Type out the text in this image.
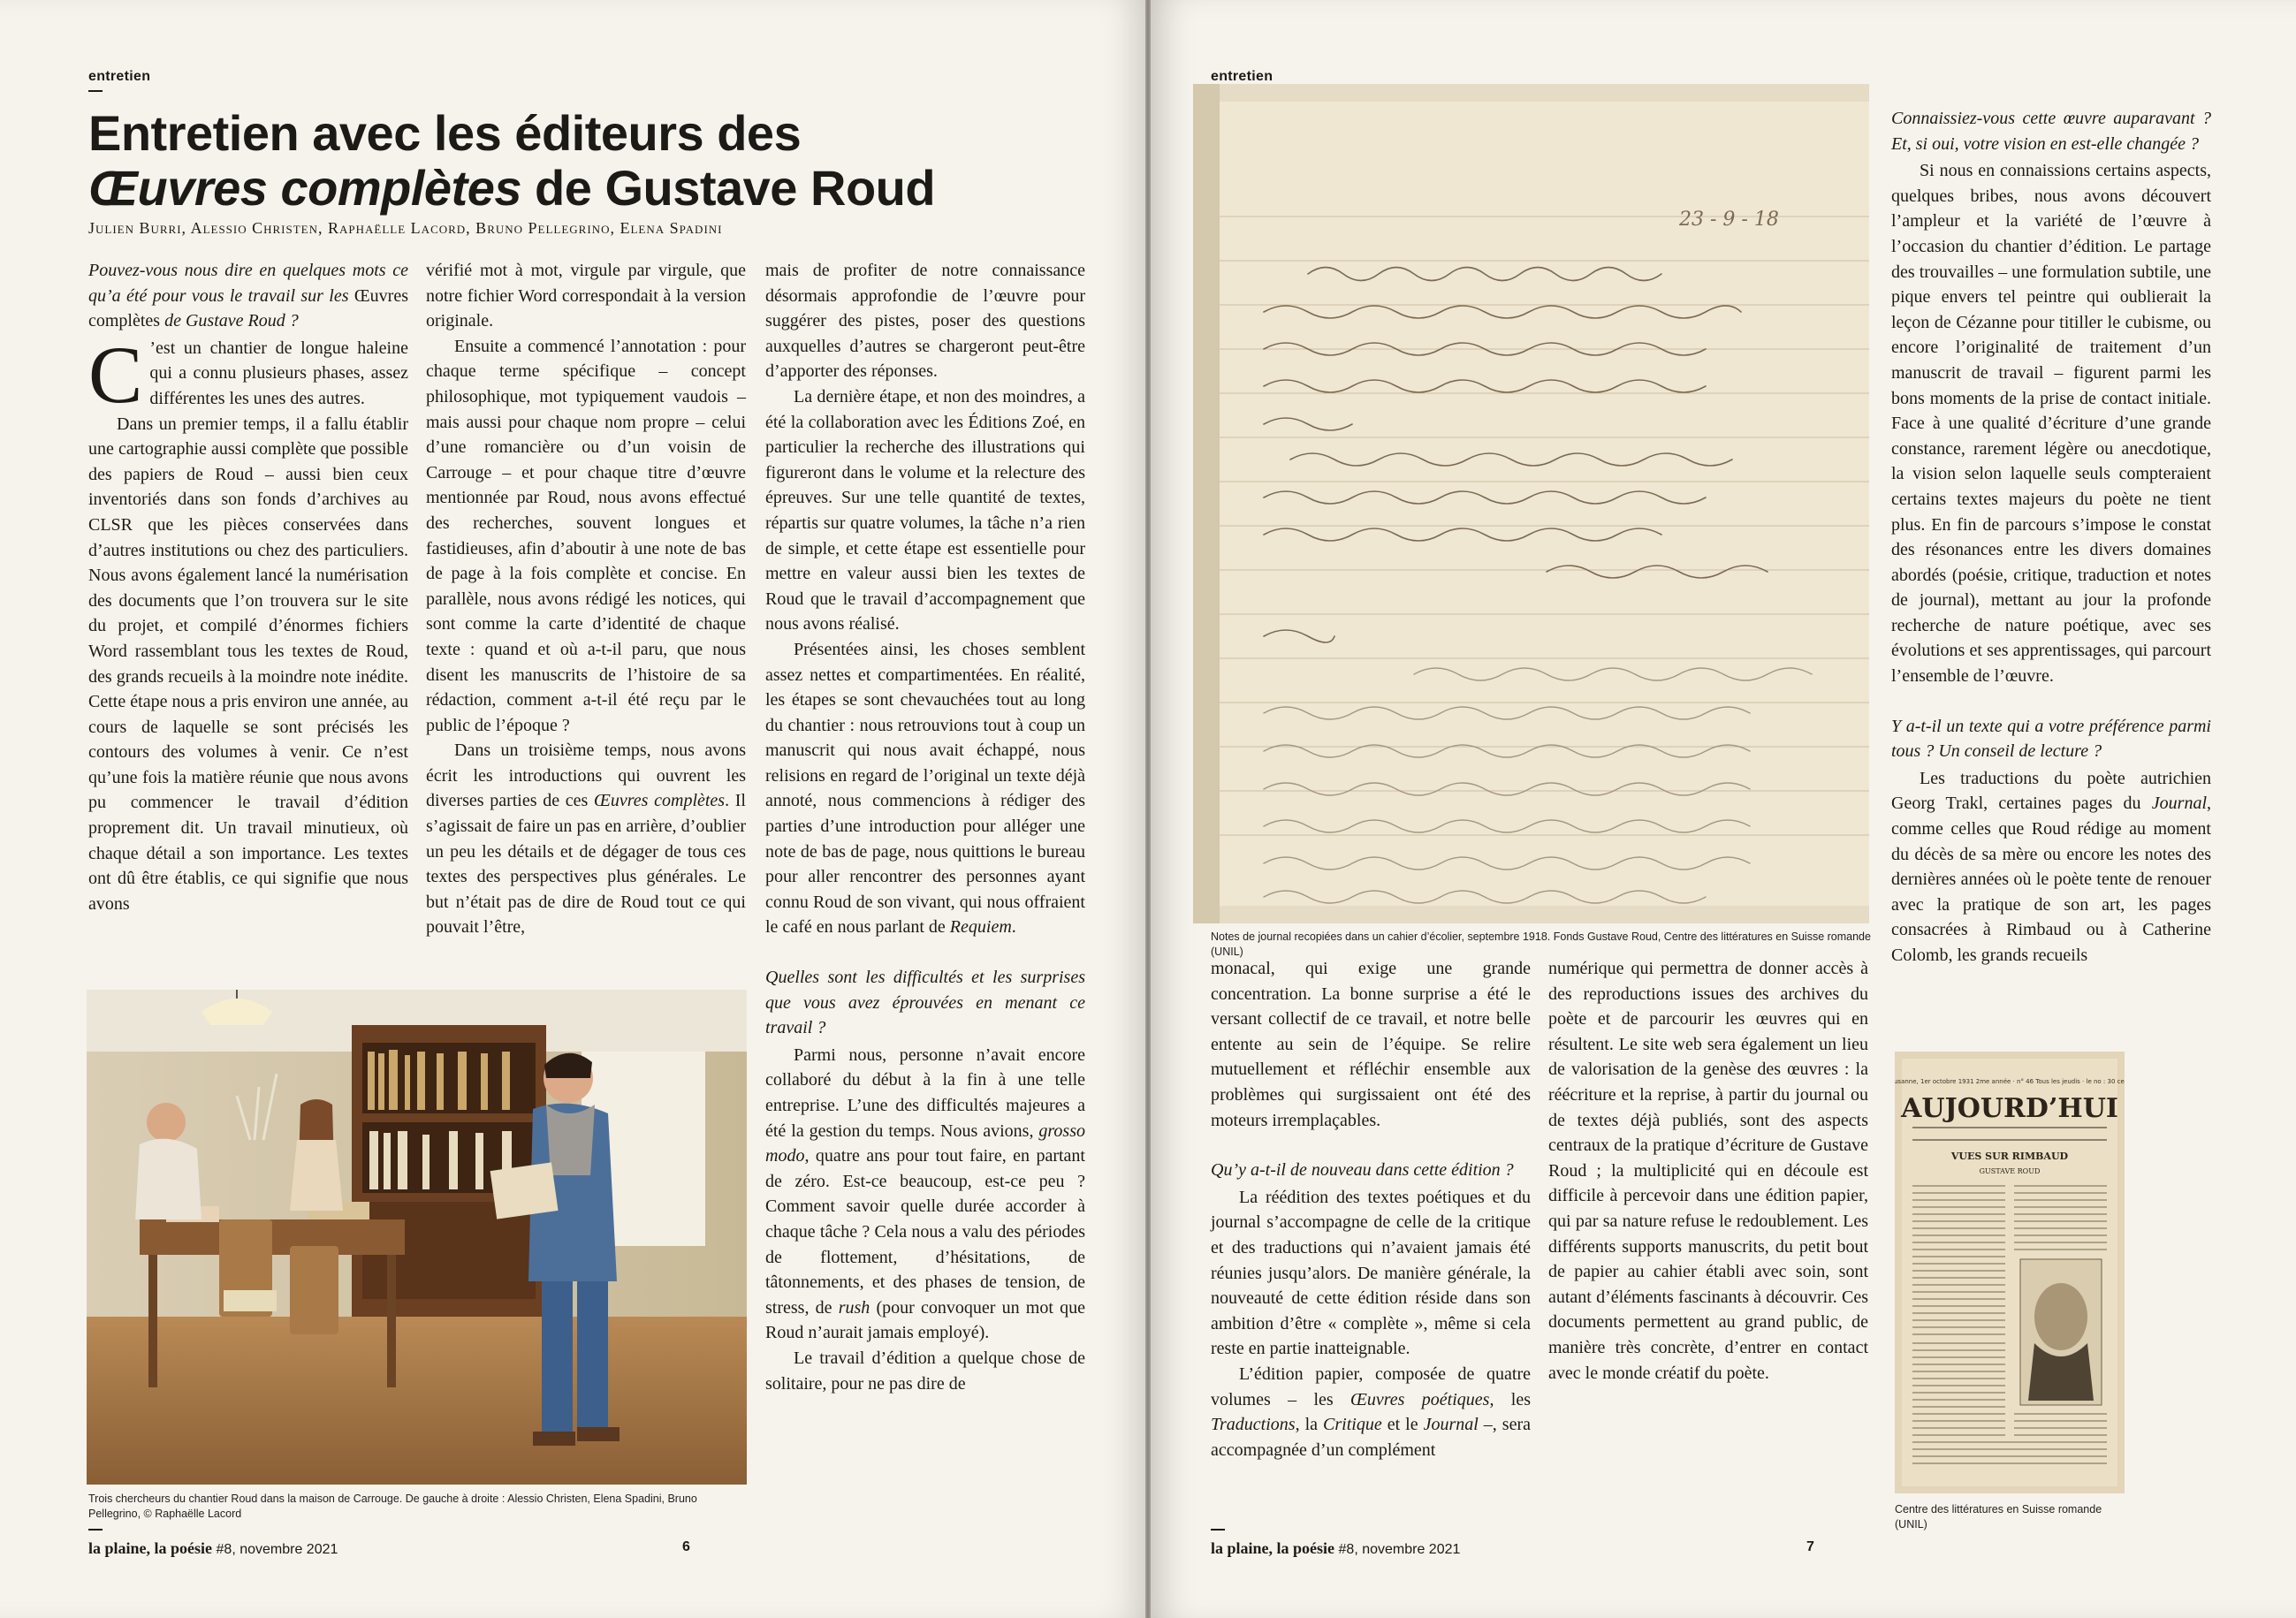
entretien
Entretien avec les éditeurs des
Œuvres complètes de Gustave Roud
Julien Burri, Alessio Christen, Raphaëlle Lacord, Bruno Pellegrino, Elena Spadini

Pouvez-vous nous dire en quelques mots ce qu’a été pour vous le travail sur les Œuvres complètes de Gustave Roud ?

C ’est un chantier de longue haleine qui a connu plusieurs phases, assez différentes les unes des autres.

Dans un premier temps, il a fallu établir une cartographie aussi complète que possible des papiers de Roud – aussi bien ceux inventoriés dans son fonds d’archives au CLSR que les pièces conservées dans d’autres institutions ou chez des particuliers. Nous avons également lancé la numérisation des documents que l’on trouvera sur le site du projet, et compilé d’énormes fichiers Word rassemblant tous les textes de Roud, des grands recueils à la moindre note inédite. Cette étape nous a pris environ une année, au cours de laquelle se sont précisés les contours des volumes à venir. Ce n’est qu’une fois la matière réunie que nous avons pu commencer le travail d’édition proprement dit. Un travail minutieux, où chaque détail a son importance. Les textes ont dû être établis, ce qui signifie que nous avons

vérifié mot à mot, virgule par virgule, que notre fichier Word correspondait à la version originale.

Ensuite a commencé l’annotation : pour chaque terme spécifique – concept philosophique, mot typiquement vaudois – mais aussi pour chaque nom propre – celui d’une romancière ou d’un voisin de Carrouge – et pour chaque titre d’œuvre mentionnée par Roud, nous avons effectué des recherches, souvent longues et fastidieuses, afin d’aboutir à une note de bas de page à la fois complète et concise. En parallèle, nous avons rédigé les notices, qui sont comme la carte d’identité de chaque texte : quand et où a-t-il paru, que nous disent les manuscrits de l’histoire de sa rédaction, comment a-t-il été reçu par le public de l’époque ?

Dans un troisième temps, nous avons écrit les introductions qui ouvrent les diverses parties de ces Œuvres complètes. Il s’agissait de faire un pas en arrière, d’oublier un peu les détails et de dégager de tous ces textes des perspectives plus générales. Le but n’était pas de dire de Roud tout ce qui pouvait l’être,

mais de profiter de notre connaissance désormais approfondie de l’œuvre pour suggérer des pistes, poser des questions auxquelles d’autres se chargeront peut-être d’apporter des réponses.

La dernière étape, et non des moindres, a été la collaboration avec les Éditions Zoé, en particulier la recherche des illustrations qui figureront dans le volume et la relecture des épreuves. Sur une telle quantité de textes, répartis sur quatre volumes, la tâche n’a rien de simple, et cette étape est essentielle pour mettre en valeur aussi bien les textes de Roud que le travail d’accompagnement que nous avons réalisé.

Présentées ainsi, les choses semblent assez nettes et compartimentées. En réalité, les étapes se sont chevauchées tout au long du chantier : nous retrouvions tout à coup un manuscrit qui nous avait échappé, nous relisions en regard de l’original un texte déjà annoté, nous commencions à rédiger des parties d’une introduction pour alléger une note de bas de page, nous quittions le bureau pour aller rencontrer des personnes ayant connu Roud de son vivant, qui nous offraient le café en nous parlant de Requiem.

Quelles sont les difficultés et les surprises que vous avez éprouvées en menant ce travail ?

Parmi nous, personne n’avait encore collaboré du début à la fin à une telle entreprise. L’une des difficultés majeures a été la gestion du temps. Nous avions, grosso modo, quatre ans pour tout faire, en partant de zéro. Est-ce beaucoup, est-ce peu ? Comment savoir quelle durée accorder à chaque tâche ? Cela nous a valu des périodes de flottement, d’hésitations, de tâtonnements, et des phases de tension, de stress, de rush (pour convoquer un mot que Roud n’aurait jamais employé).

Le travail d’édition a quelque chose de solitaire, pour ne pas dire de

Trois chercheurs du chantier Roud dans la maison de Carrouge. De gauche à droite : Alessio Christen, Elena Spadini, Bruno Pellegrino, © Raphaëlle Lacord
la plaine, la poésie #8, novembre 2021	6
entretien
23 - 9 - 18
Notes de journal recopiées dans un cahier d’écolier, septembre 1918. Fonds Gustave Roud, Centre des littératures en Suisse romande (UNIL)

monacal, qui exige une grande concentration. La bonne surprise a été le versant collectif de ce travail, et notre belle entente au sein de l’équipe. Se relire mutuellement et réfléchir ensemble aux problèmes qui surgissaient ont été des moteurs irremplaçables.

Qu’y a-t-il de nouveau dans cette édition ?

La réédition des textes poétiques et du journal s’accompagne de celle de la critique et des traductions qui n’avaient jamais été réunies jusqu’alors. De manière générale, la nouveauté de cette édition réside dans son ambition d’être « complète », même si cela reste en partie inatteignable.

L’édition papier, composée de quatre volumes – les Œuvres poétiques, les Traductions, la Critique et le Journal –, sera accompagnée d’un complément

numérique qui permettra de donner accès à des reproductions issues des archives du poète et de parcourir les œuvres qui en résultent. Le site web sera également un lieu de valorisation de la genèse des œuvres : la réécriture et la reprise, à partir du journal ou de textes déjà publiés, sont des aspects centraux de la pratique d’écriture de Gustave Roud ; la multiplicité qui en découle est difficile à percevoir dans une édition papier, qui par sa nature refuse le redoublement. Les différents supports manuscrits, du petit bout de papier au cahier établi avec soin, sont autant d’éléments fascinants à découvrir. Ces documents permettent au grand public, de manière très concrète, d’entrer en contact avec le monde créatif du poète.

Connaissiez-vous cette œuvre auparavant ? Et, si oui, votre vision en est-elle changée ?

Si nous en connaissions certains aspects, quelques bribes, nous avons découvert l’ampleur et la variété de l’œuvre à l’occasion du chantier d’édition. Le partage des trouvailles – une formulation subtile, une pique envers tel peintre qui oublierait la leçon de Cézanne pour titiller le cubisme, ou encore l’originalité de traitement d’un manuscrit de travail – figurent parmi les bons moments de la prise de contact initiale. Face à une qualité d’écriture d’une grande constance, rarement légère ou anecdotique, la vision selon laquelle seuls compteraient certains textes majeurs du poète ne tient plus. En fin de parcours s’impose le constat des résonances entre les divers domaines abordés (poésie, critique, traduction et notes de journal), mettant au jour la profonde recherche de nature poétique, avec ses évolutions et ses apprentissages, qui parcourt l’ensemble de l’œuvre.

Y a-t-il un texte qui a votre préférence parmi tous ? Un conseil de lecture ?

Les traductions du poète autrichien Georg Trakl, certaines pages du Journal, comme celles que Roud rédige au moment du décès de sa mère ou encore les notes des dernières années où le poète tente de renouer avec la pratique de son art, les pages consacrées à Rimbaud ou à Catherine Colomb, les grands recueils

Lausanne, 1er octobre 1931 2me année · n° 46 Tous les jeudis · le no : 30 cent.
AUJOURD’HUI
VUES SUR RIMBAUD
GUSTAVE ROUD
Centre des littératures en Suisse romande (UNIL)
la plaine, la poésie #8, novembre 2021	7
